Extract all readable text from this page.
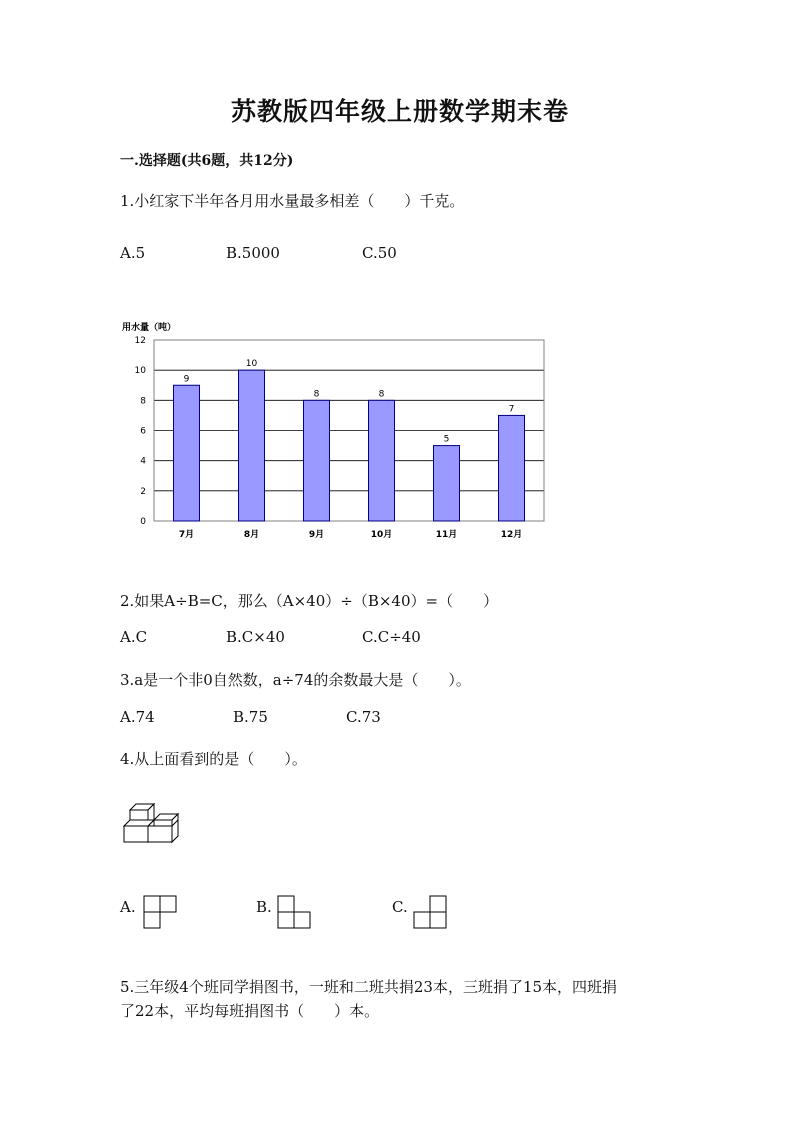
苏教版四年级上册数学期末卷
一.选择题(共6题，共12分)
1.小红家下半年各月用水量最多相差（　　）千克。
A.5	B.5000	C.50
用水量（吨）
0
2
4
6
8
10
12
9
7月
10
8月
8
9月
8
10月
5
11月
7
12月
2.如果A÷B=C，那么（A×40）÷（B×40）=（　　）
A.C	B.C×40	C.C÷40
3.a是一个非0自然数，a÷74的余数最大是（　　）。
A.74	B.75	C.73
4.从上面看到的是（　　）。
A.	B.	C.
5.三年级4个班同学捐图书，一班和二班共捐23本，三班捐了15本，四班捐
了22本，平均每班捐图书（　　）本。
